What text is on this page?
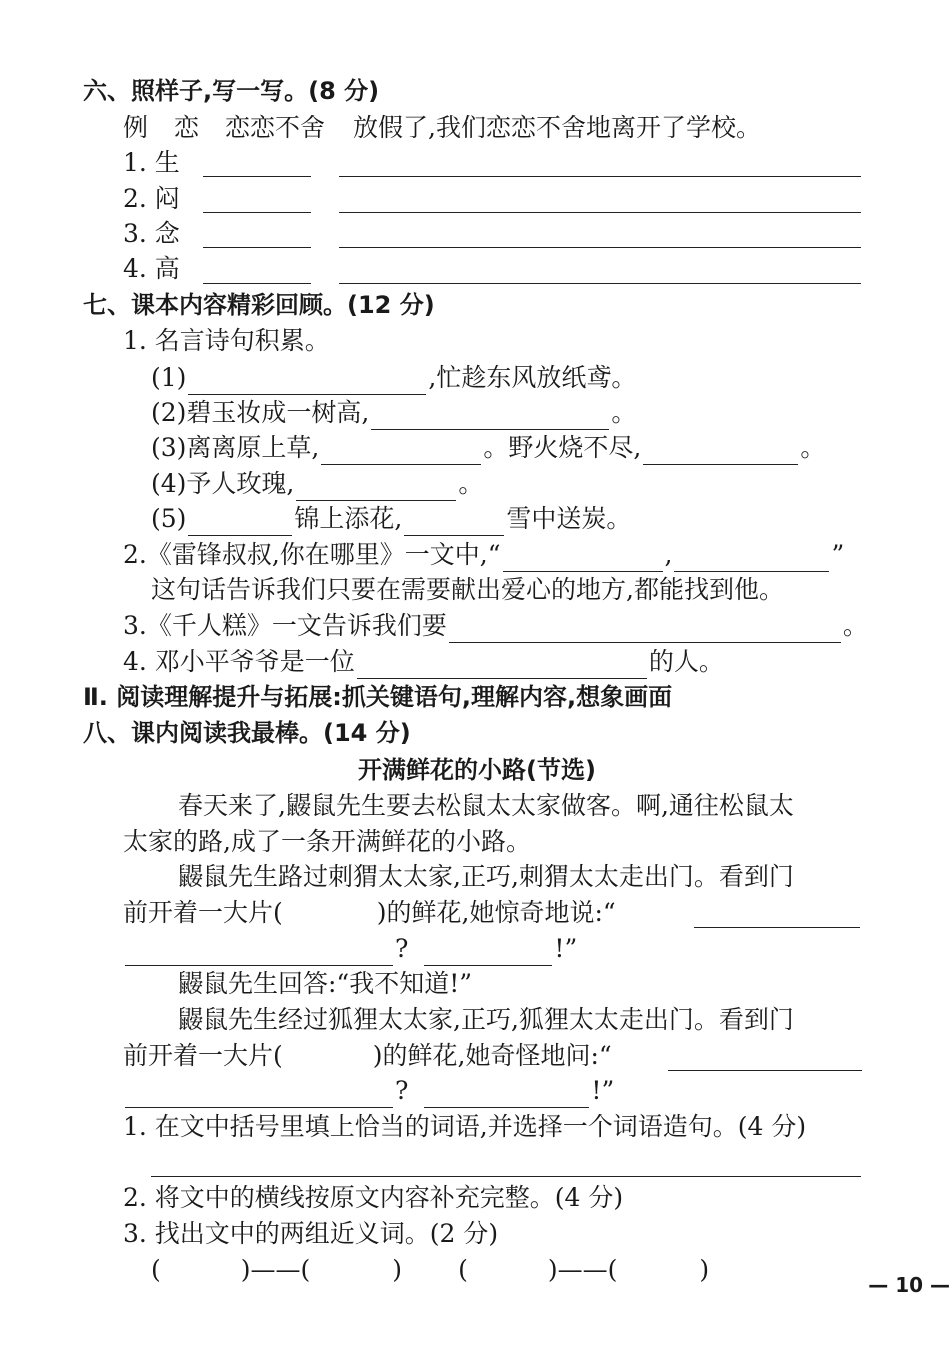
六、照样子,写一写。(8 分)
例 恋 恋恋不舍 放假了,我们恋恋不舍地离开了学校。
1. 生
2. 闷
3. 念
4. 高
七、课本内容精彩回顾。(12 分)
1. 名言诗句积累。
(1)	,忙趁东风放纸鸢。
(2)碧玉妆成一树高,	。
(3)离离原上草,	。野火烧不尽,	。
(4)予人玫瑰,	。
(5)	锦上添花,	雪中送炭。
2.《雷锋叔叔,你在哪里》一文中,“	,	”
这句话告诉我们只要在需要献出爱心的地方,都能找到他。
3.《千人糕》一文告诉我们要	。
4. 邓小平爷爷是一位	的人。
Ⅱ. 阅读理解提升与拓展:抓关键语句,理解内容,想象画面
八、课内阅读我最棒。(14 分)
开满鲜花的小路(节选)
春天来了,鼹鼠先生要去松鼠太太家做客。啊,通往松鼠太
太家的路,成了一条开满鲜花的小路。
鼹鼠先生路过刺猬太太家,正巧,刺猬太太走出门。看到门
前开着一大片(	)的鲜花,她惊奇地说:“
?	!”
鼹鼠先生回答:“我不知道!”
鼹鼠先生经过狐狸太太家,正巧,狐狸太太走出门。看到门
前开着一大片(	)的鲜花,她奇怪地问:“
?	!”
1. 在文中括号里填上恰当的词语,并选择一个词语造句。(4 分)
2. 将文中的横线按原文内容补充完整。(4 分)
3. 找出文中的两组近义词。(2 分)
(	)——(	) (	)——(	)
— 10 —
